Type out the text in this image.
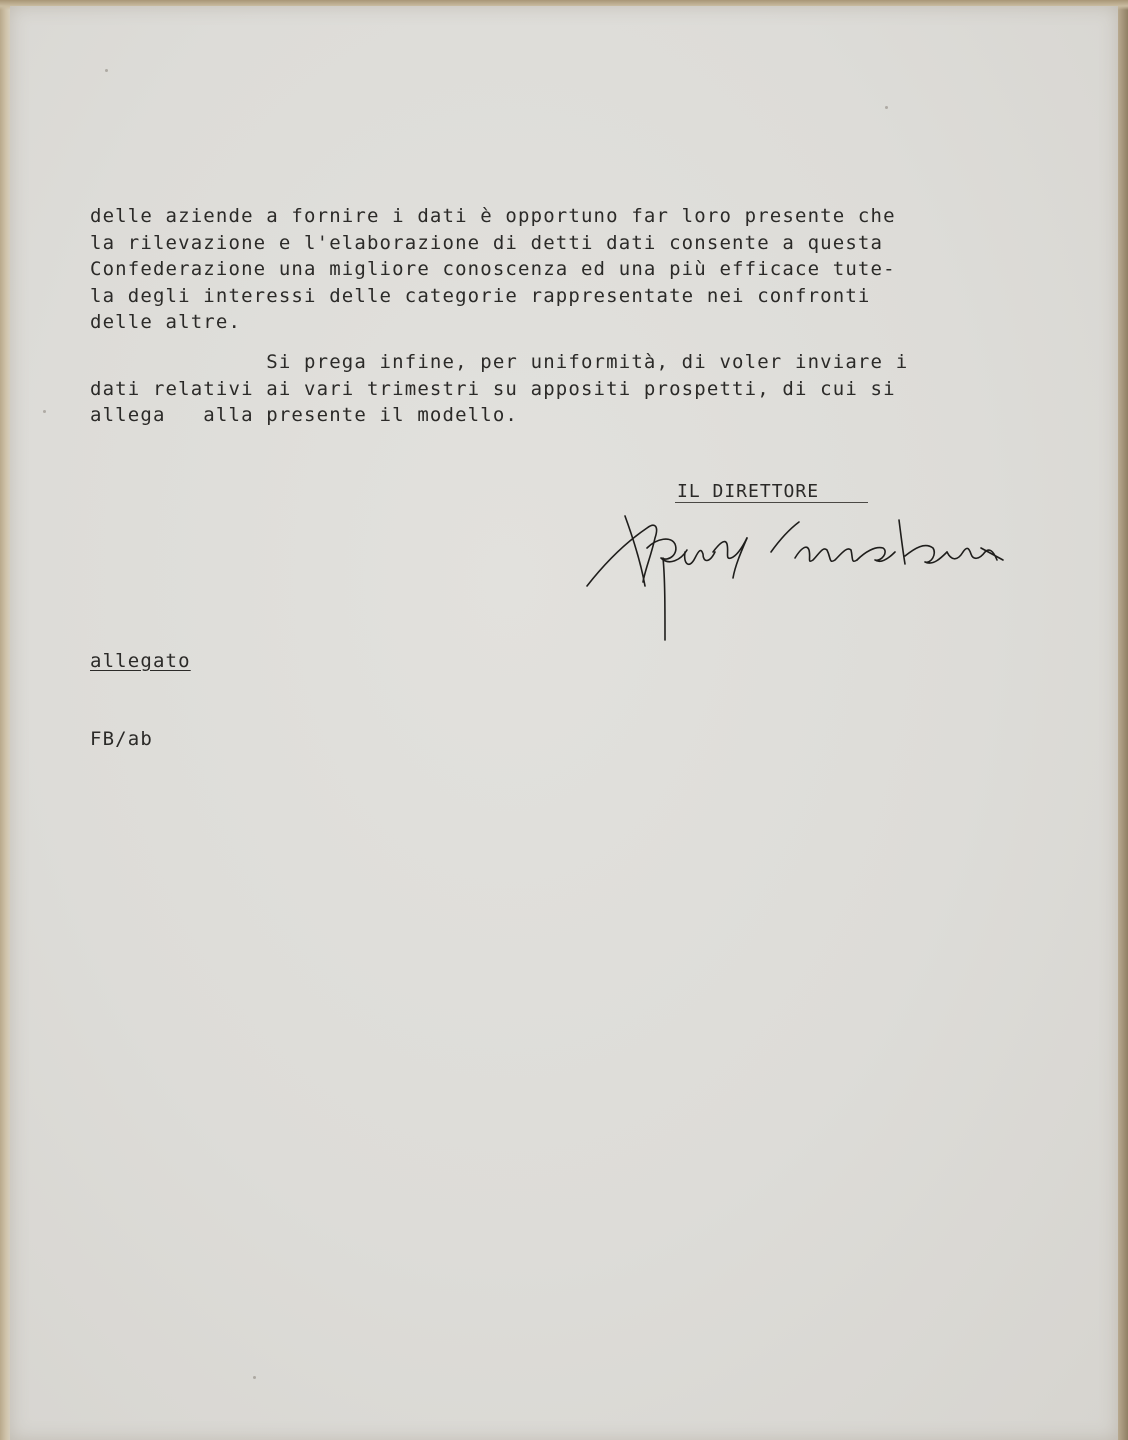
delle aziende a fornire i dati è opportuno far loro presente che
la rilevazione e l'elaborazione di detti dati consente a questa
Confederazione una migliore conoscenza ed una più efficace tute-
la degli interessi delle categorie rappresentate nei confronti
delle altre.

Si prega infine, per uniformità, di voler inviare i
dati relativi ai vari trimestri su appositi prospetti, di cui si
allega   alla presente il modello.

IL DIRETTORE

allegato

FB/ab
